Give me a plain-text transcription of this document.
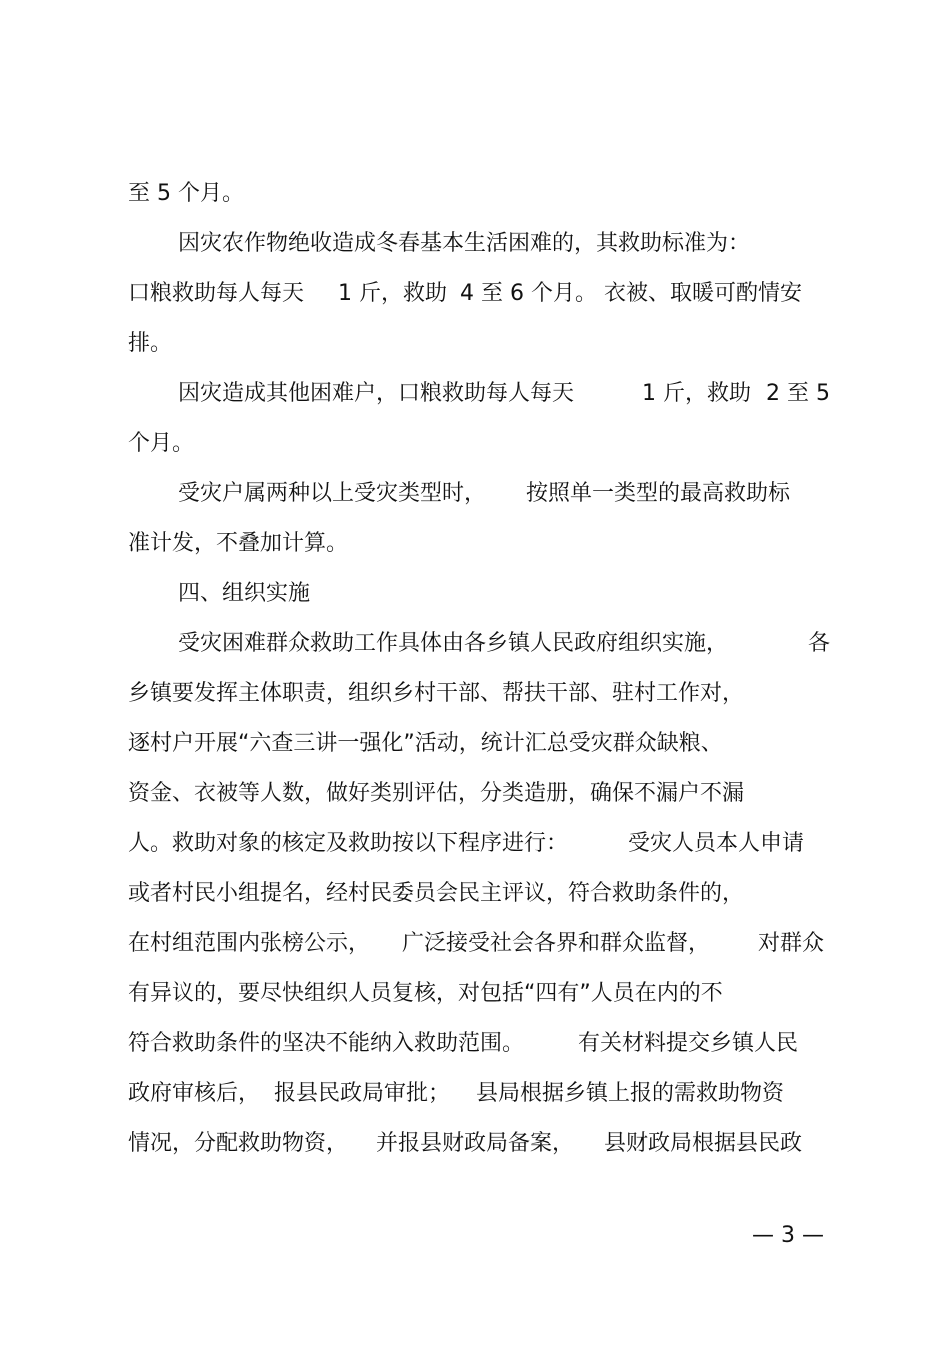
至 5 个月。

因灾农作物绝收造成冬春基本生活困难的，其救助标准为：

口粮救助每人每天

1 斤，救助

4 至 6 个月。 衣被、取暖可酌情安

排。

因灾造成其他困难户，口粮救助每人每天

	1 斤，救助

2 至 5

个月。

受灾户属两种以上受灾类型时，

按照单一类型的最高救助标

准计发，不叠加计算。

四、组织实施

受灾困难群众救助工作具体由各乡镇人民政府组织实施，

	各

乡镇要发挥主体职责，组织乡村干部、帮扶干部、驻村工作对，

逐村户开展“六查三讲一强化”活动，统计汇总受灾群众缺粮、

资金、衣被等人数，做好类别评估，分类造册，确保不漏户不漏

人。救助对象的核定及救助按以下程序进行：

	受灾人员本人申请

或者村民小组提名，经村民委员会民主评议，符合救助条件的，

在村组范围内张榜公示，

广泛接受社会各界和群众监督，

对群众

有异议的，要尽快组织人员复核，对包括“四有”人员在内的不

符合救助条件的坚决不能纳入救助范围。

有关材料提交乡镇人民

政府审核后，

报县民政局审批；

县局根据乡镇上报的需救助物资

情况，分配救助物资，

并报县财政局备案，

县财政局根据县民政

— 3 —
